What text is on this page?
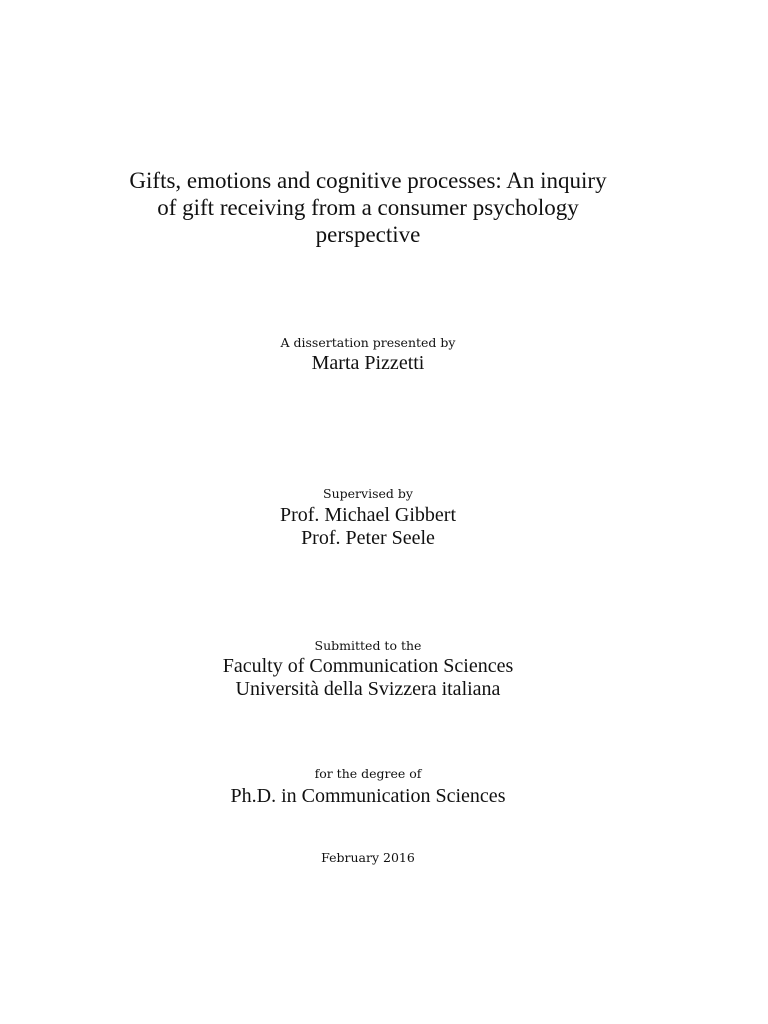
Gifts, emotions and cognitive processes: An inquiry
of gift receiving from a consumer psychology
perspective
A dissertation presented by
Marta Pizzetti
Supervised by
Prof. Michael Gibbert
Prof. Peter Seele
Submitted to the
Faculty of Communication Sciences
Università della Svizzera italiana
for the degree of
Ph.D. in Communication Sciences
February 2016
